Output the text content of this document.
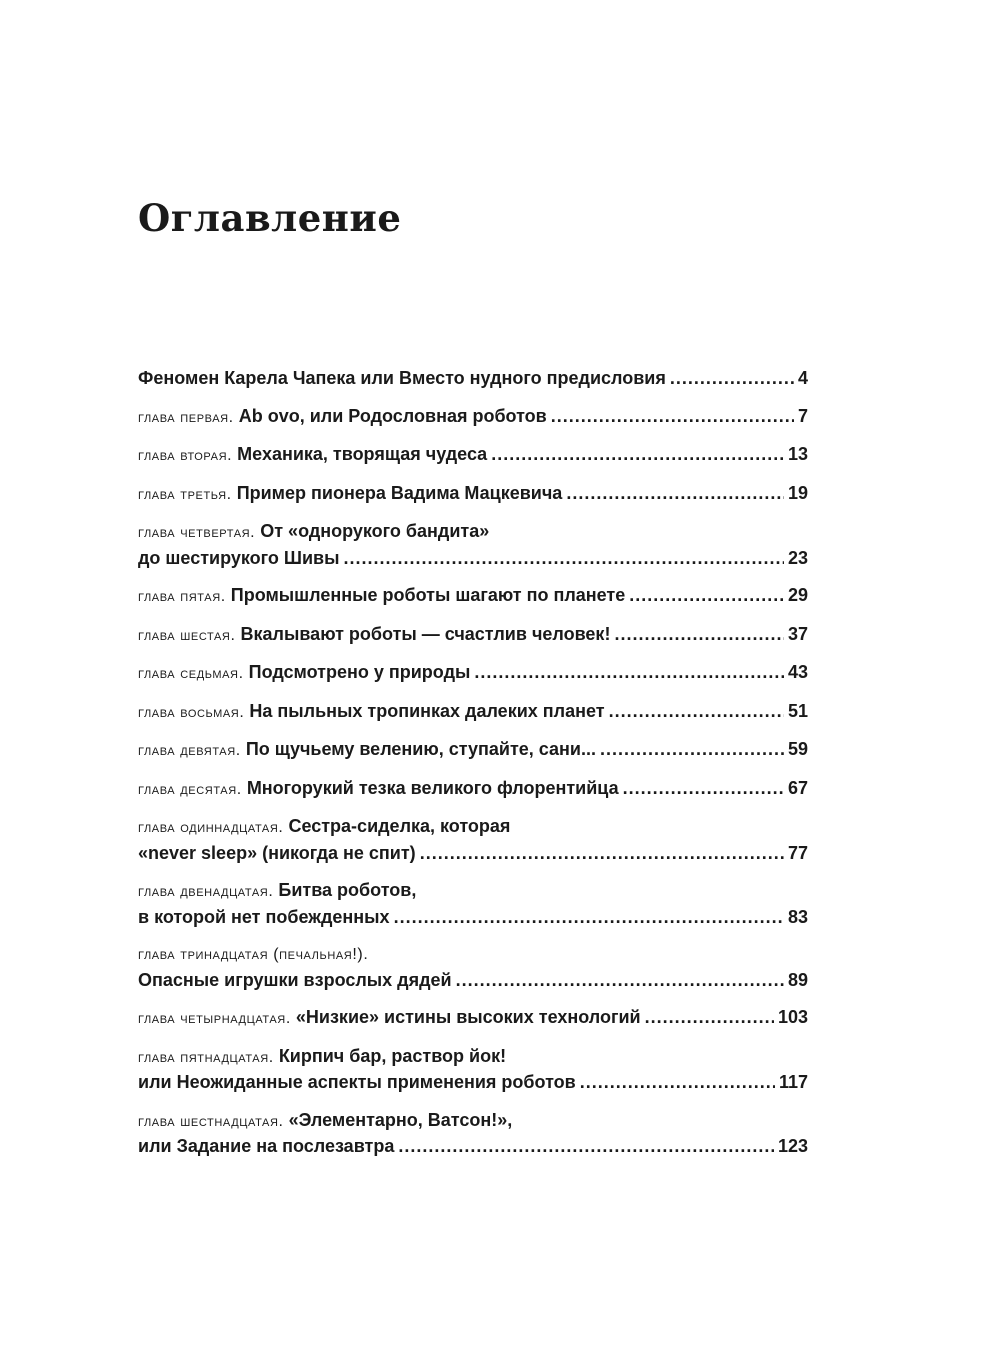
Оглавление
Феномен Карела Чапека или Вместо нудного предисловия .....	4
глава первая. Ab ovo, или Родословная роботов .....	7
глава вторая. Механика, творящая чудеса .....	13
глава третья. Пример пионера Вадима Мацкевича .....	19
глава четвертая. От «однорукого бандита»
до шестирукого Шивы .....	23
глава пятая. Промышленные роботы шагают по планете .....	29
глава шестая. Вкалывают роботы — счастлив человек! .....	37
глава седьмая. Подсмотрено у природы .....	43
глава восьмая. На пыльных тропинках далеких планет .....	51
глава девятая. По щучьему велению, ступайте, сани... .....	59
глава десятая. Многорукий тезка великого флорентийца .....	67
глава одиннадцатая. Сестра-сиделка, которая
«never sleep» (никогда не спит) .....	77
глава двенадцатая. Битва роботов,
в которой нет побежденных .....	83
глава тринадцатая (печальная!).
Опасные игрушки взрослых дядей .....	89
глава четырнадцатая. «Низкие» истины высоких технологий .....	103
глава пятнадцатая. Кирпич бар, раствор йок!
или Неожиданные аспекты применения роботов .....	117
глава шестнадцатая. «Элементарно, Ватсон!»,
или Задание на послезавтра .....	123
